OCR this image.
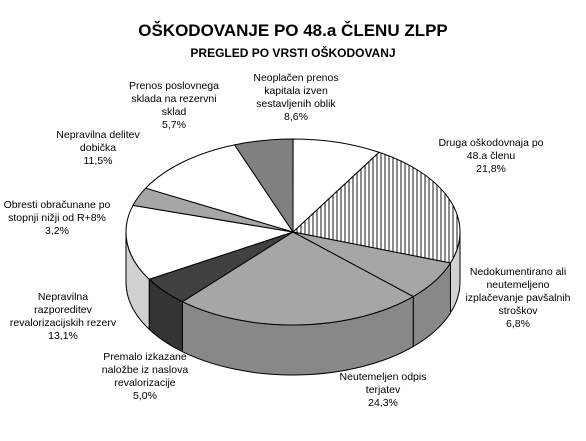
OŠKODOVANJE PO 48.a ČLENU ZLPP
PREGLED PO VRSTI OŠKODOVANJ
Drugа oškodovnaja po 48.a členu 21,8%
Nedokumentirano ali neutemeljeno izplačevanje pavšalnih stroškov 6,8%
Neutemeljen odpis terjatev 24,3%
Premalo izkazane naložbe iz naslova revalorizacije 5,0%
Nepravilna razporeditev revalorizacijskih rezerv 13,1%
Obresti obračunane po stopnji nižji od R+8% 3,2%
Nepravilna delitev dobička 11,5%
Prenos poslovnega sklada na rezervni sklad 5,7%
Neoplačen prenos kapitala izven sestavljenih oblik 8,6%
